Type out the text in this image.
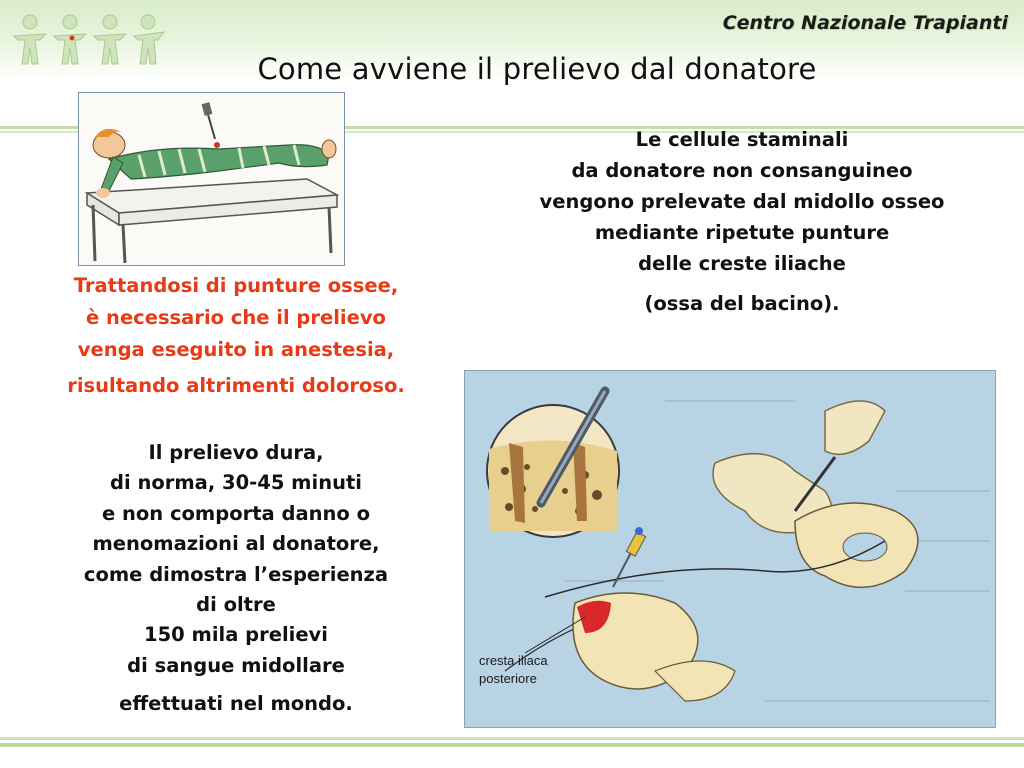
Centro Nazionale Trapianti
Come avviene il prelievo dal donatore
Le cellule staminali
da donatore non consanguineo
vengono prelevate dal midollo osseo
mediante ripetute punture
delle creste iliache
(ossa del bacino).
Trattandosi di punture ossee,
è necessario che il prelievo
venga eseguito in anestesia,
risultando altrimenti doloroso.
Il prelievo dura,
di norma, 30-45 minuti
e non comporta danno o
menomazioni al donatore,
come dimostra l’esperienza
di oltre
150 mila prelievi
di sangue midollare
effettuati nel mondo.
cresta iliaca
posteriore
